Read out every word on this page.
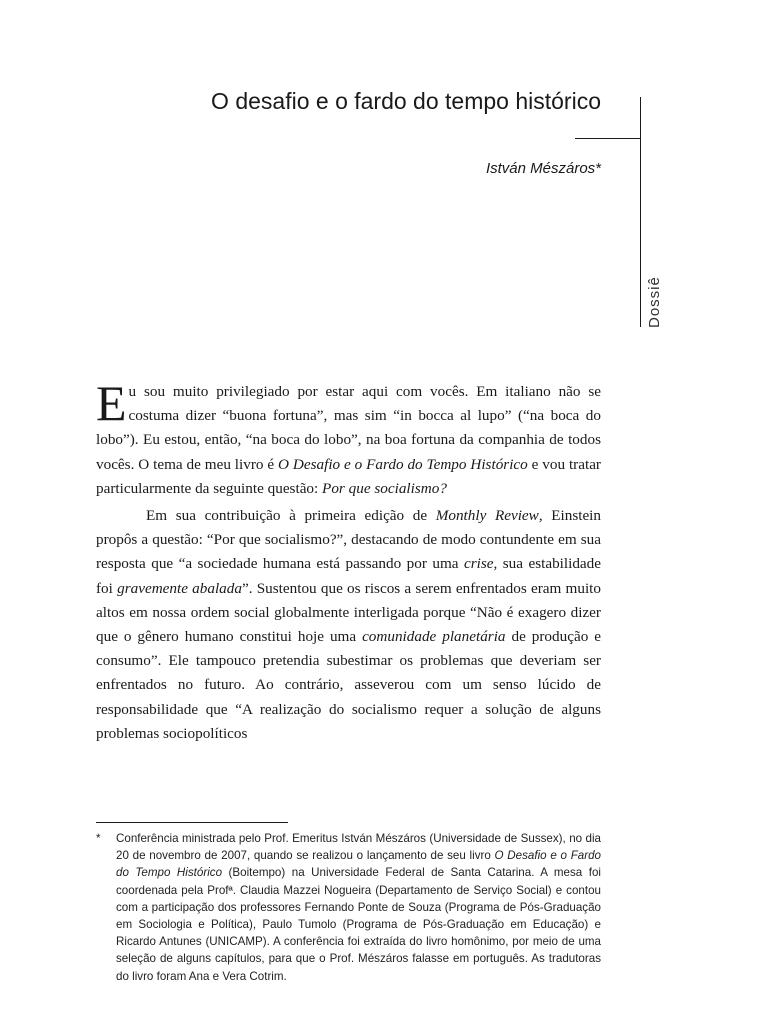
O desafio e o fardo do tempo histórico
István Mészáros*
Dossiê

Eu sou muito privilegiado por estar aqui com vocês. Em italiano não se costuma dizer “buona fortuna”, mas sim “in bocca al lupo” (“na boca do lobo”). Eu estou, então, “na boca do lobo”, na boa fortuna da companhia de todos vocês. O tema de meu livro é O Desafio e o Fardo do Tempo Histórico e vou tratar particularmente da seguinte questão: Por que socialismo?

Em sua contribuição à primeira edição de Monthly Review, Einstein propôs a questão: “Por que socialismo?”, destacando de modo contundente em sua resposta que “a sociedade humana está passando por uma crise, sua estabilidade foi gravemente abalada”. Sustentou que os riscos a serem enfrentados eram muito altos em nossa ordem social globalmente interligada porque “Não é exagero dizer que o gênero humano constitui hoje uma comunidade planetária de produção e consumo”. Ele tampouco pretendia subestimar os problemas que deveriam ser enfrentados no futuro. Ao contrário, asseverou com um senso lúcido de responsabilidade que “A realização do socialismo requer a solução de alguns problemas sociopolíticos

* Conferência ministrada pelo Prof. Emeritus István Mészáros (Universidade de Sussex), no dia 20 de novembro de 2007, quando se realizou o lançamento de seu livro O Desafio e o Fardo do Tempo Histórico (Boitempo) na Universidade Federal de Santa Catarina. A mesa foi coordenada pela Profª. Claudia Mazzei Nogueira (Departamento de Serviço Social) e contou com a participação dos professores Fernando Ponte de Souza (Programa de Pós-Graduação em Sociologia e Política), Paulo Tumolo (Programa de Pós-Graduação em Educação) e Ricardo Antunes (UNICAMP). A conferência foi extraída do livro homônimo, por meio de uma seleção de alguns capítulos, para que o Prof. Mészáros falasse em português. As tradutoras do livro foram Ana e Vera Cotrim.
